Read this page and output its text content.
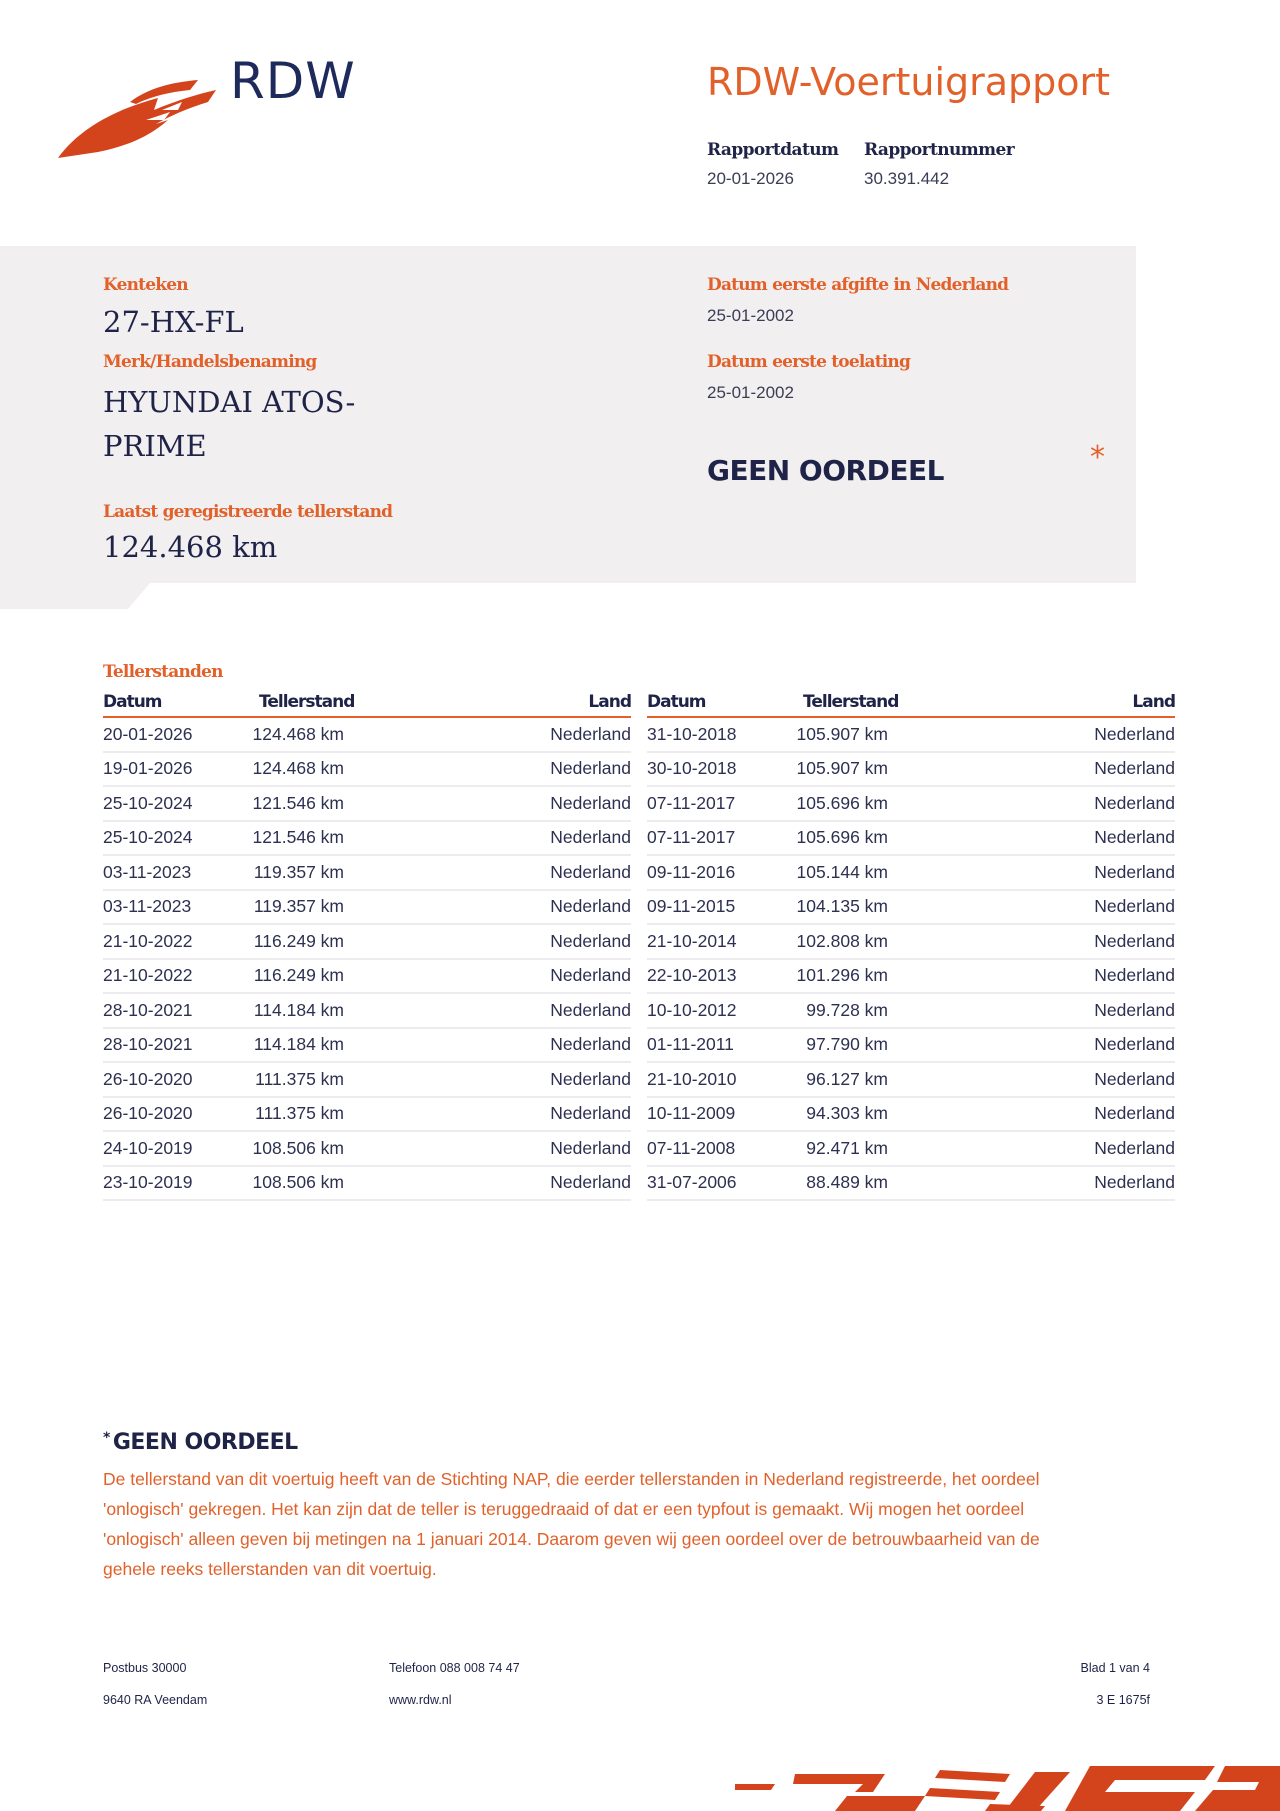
RDW	RDW-Voertuigrapport
Rapportdatum
20-01-2026
Rapportnummer
30.391.442
Kenteken
27-HX-FL
Merk/Handelsbenaming
HYUNDAI ATOS-
PRIME
Laatst geregistreerde tellerstand
124.468 km
Datum eerste afgifte in Nederland
25-01-2002
Datum eerste toelating
25-01-2002
GEEN OORDEEL	*
Tellerstanden
Datum	Tellerstand	Land
20-01-2026	124.468 km	Nederland
19-01-2026	124.468 km	Nederland
25-10-2024	121.546 km	Nederland
25-10-2024	121.546 km	Nederland
03-11-2023	119.357 km	Nederland
03-11-2023	119.357 km	Nederland
21-10-2022	116.249 km	Nederland
21-10-2022	116.249 km	Nederland
28-10-2021	114.184 km	Nederland
28-10-2021	114.184 km	Nederland
26-10-2020	111.375 km	Nederland
26-10-2020	111.375 km	Nederland
24-10-2019	108.506 km	Nederland
23-10-2019	108.506 km	Nederland
Datum	Tellerstand	Land
31-10-2018	105.907 km	Nederland
30-10-2018	105.907 km	Nederland
07-11-2017	105.696 km	Nederland
07-11-2017	105.696 km	Nederland
09-11-2016	105.144 km	Nederland
09-11-2015	104.135 km	Nederland
21-10-2014	102.808 km	Nederland
22-10-2013	101.296 km	Nederland
10-10-2012	99.728 km	Nederland
01-11-2011	97.790 km	Nederland
21-10-2010	96.127 km	Nederland
10-11-2009	94.303 km	Nederland
07-11-2008	92.471 km	Nederland
31-07-2006	88.489 km	Nederland
* GEEN OORDEEL
De tellerstand van dit voertuig heeft van de Stichting NAP, die eerder tellerstanden in Nederland registreerde, het oordeel 'onlogisch' gekregen. Het kan zijn dat de teller is teruggedraaid of dat er een typfout is gemaakt. Wij mogen het oordeel 'onlogisch' alleen geven bij metingen na 1 januari 2014. Daarom geven wij geen oordeel over de betrouwbaarheid van de gehele reeks tellerstanden van dit voertuig.
Postbus 30000
9640 RA Veendam
Telefoon 088 008 74 47
www.rdw.nl
Blad 1 van 4
3 E 1675f
